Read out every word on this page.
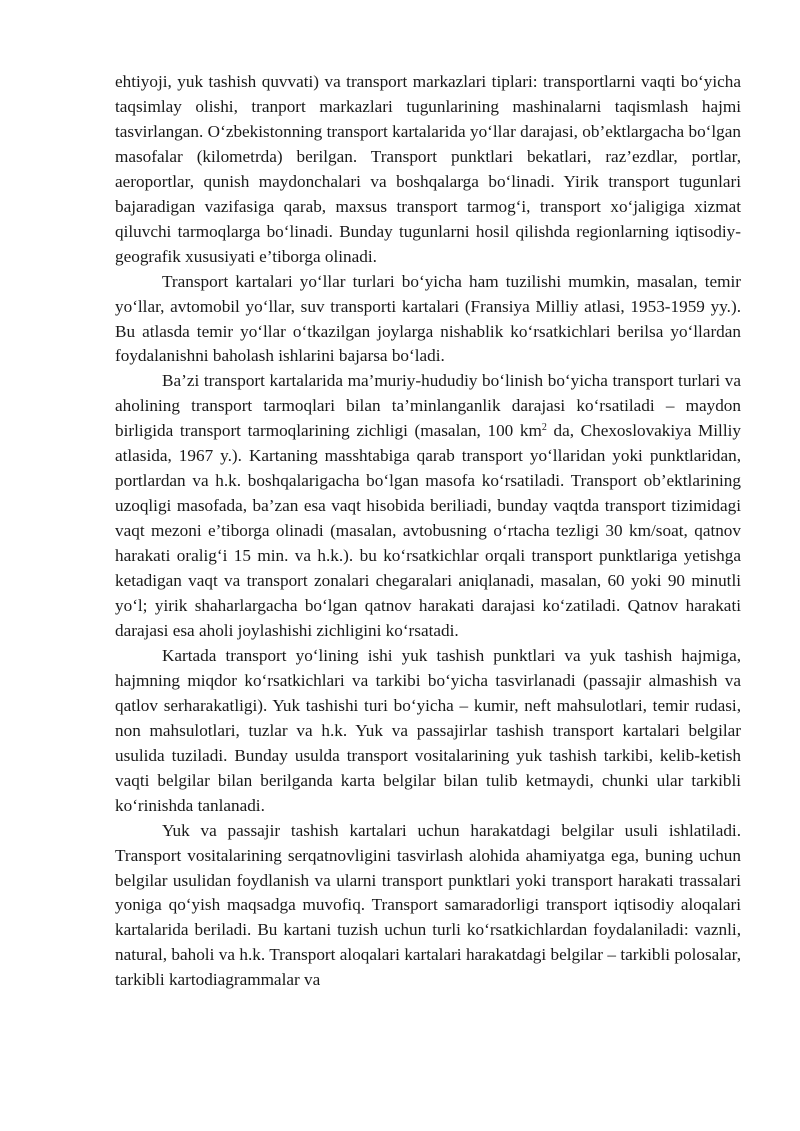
ehtiyoji, yuk tashish quvvati) va transport markazlari tiplari: transportlarni vaqti bo‘yicha taqsimlay olishi, tranport markazlari tugunlarining mashinalarni taqismlash hajmi tasvirlangan. O‘zbekistonning transport kartalarida yo‘llar darajasi, ob’ektlargacha bo‘lgan masofalar (kilometrda) berilgan. Transport punktlari bekatlari, raz’ezdlar, portlar, aeroportlar, qunish maydonchalari va boshqalarga bo‘linadi. Yirik transport tugunlari bajaradigan vazifasiga qarab, maxsus transport tarmog‘i, transport xo‘jaligiga xizmat qiluvchi tarmoqlarga bo‘linadi. Bunday tugunlarni hosil qilishda regionlarning iqtisodiy-geografik xususiyati e’tiborga olinadi.

Transport kartalari yo‘llar turlari bo‘yicha ham tuzilishi mumkin, masalan, temir yo‘llar, avtomobil yo‘llar, suv transporti kartalari (Fransiya Milliy atlasi, 1953-1959 yy.). Bu atlasda temir yo‘llar o‘tkazilgan joylarga nishablik ko‘rsatkichlari berilsa yo‘llardan foydalanishni baholash ishlarini bajarsa bo‘ladi.

Ba’zi transport kartalarida ma’muriy-hududiy bo‘linish bo‘yicha transport turlari va aholining transport tarmoqlari bilan ta’minlanganlik darajasi ko‘rsatiladi – maydon birligida transport tarmoqlarining zichligi (masalan, 100 $km^2$ da, Chexoslovakiya Milliy atlasida, 1967 y.). Kartaning masshtabiga qarab transport yo‘llaridan yoki punktlaridan, portlardan va h.k. boshqalarigacha bo‘lgan masofa ko‘rsatiladi. Transport ob’ektlarining uzoqligi masofada, ba’zan esa vaqt hisobida beriliadi, bunday vaqtda transport tizimidagi vaqt mezoni e’tiborga olinadi (masalan, avtobusning o‘rtacha tezligi 30 km/soat, qatnov harakati oralig‘i 15 min. va h.k.). bu ko‘rsatkichlar orqali transport punktlariga yetishga ketadigan vaqt va transport zonalari chegaralari aniqlanadi, masalan, 60 yoki 90 minutli yo‘l; yirik shaharlargacha bo‘lgan qatnov harakati darajasi ko‘zatiladi. Qatnov harakati darajasi esa aholi joylashishi zichligini ko‘rsatadi.

Kartada transport yo‘lining ishi yuk tashish punktlari va yuk tashish hajmiga, hajmning miqdor ko‘rsatkichlari va tarkibi bo‘yicha tasvirlanadi (passajir almashish va qatlov serharakatligi). Yuk tashishi turi bo‘yicha – kumir, neft mahsulotlari, temir rudasi, non mahsulotlari, tuzlar va h.k. Yuk va passajirlar tashish transport kartalari belgilar usulida tuziladi. Bunday usulda transport vositalarining yuk tashish tarkibi, kelib-ketish vaqti belgilar bilan berilganda karta belgilar bilan tulib ketmaydi, chunki ular tarkibli ko‘rinishda tanlanadi.

Yuk va passajir tashish kartalari uchun harakatdagi belgilar usuli ishlatiladi. Transport vositalarining serqatnovligini tasvirlash alohida ahamiyatga ega, buning uchun belgilar usulidan foydlanish va ularni transport punktlari yoki transport harakati trassalari yoniga qo‘yish maqsadga muvofiq. Transport samaradorligi transport iqtisodiy aloqalari kartalarida beriladi. Bu kartani tuzish uchun turli ko‘rsatkichlardan foydalaniladi: vaznli, natural, baholi va h.k. Transport aloqalari kartalari harakatdagi belgilar – tarkibli polosalar, tarkibli kartodiagrammalar va
